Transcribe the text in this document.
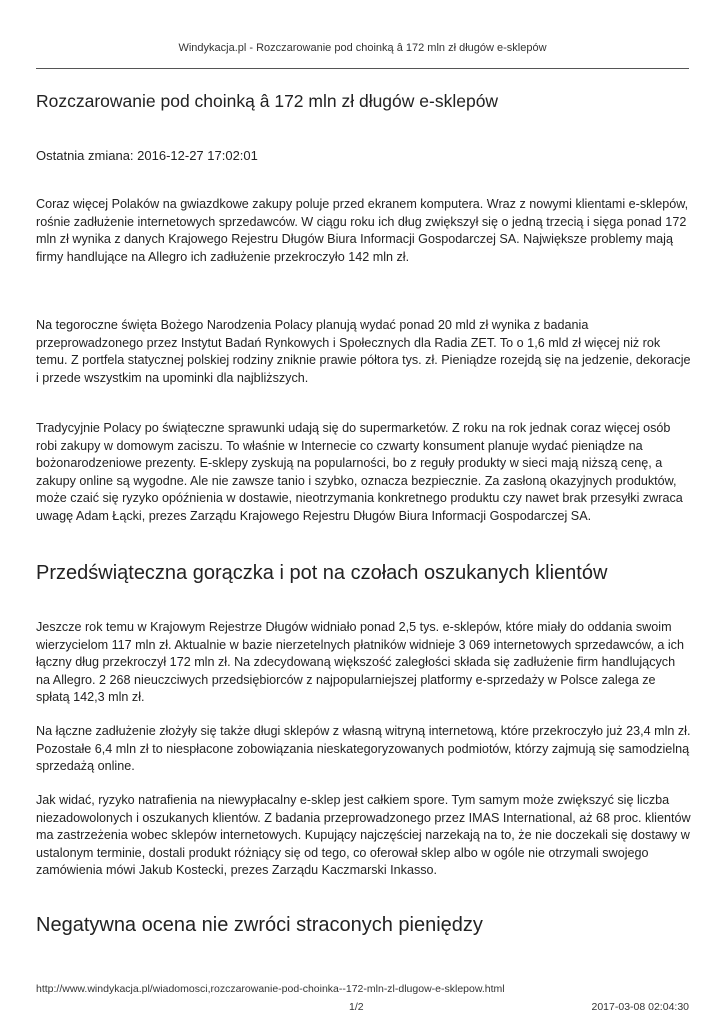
Windykacja.pl - Rozczarowanie pod choinką â 172 mln zł długów e-sklepów
Rozczarowanie pod choinką â 172 mln zł długów e-sklepów
Ostatnia zmiana: 2016-12-27 17:02:01

Coraz więcej Polaków na gwiazdkowe zakupy poluje przed ekranem komputera. Wraz z nowymi klientami e-sklepów, rośnie zadłużenie internetowych sprzedawców. W ciągu roku ich dług zwiększył się o jedną trzecią i sięga ponad 172 mln zł wynika z danych Krajowego Rejestru Długów Biura Informacji Gospodarczej SA. Największe problemy mają firmy handlujące na Allegro ich zadłużenie przekroczyło 142 mln zł.

Na tegoroczne święta Bożego Narodzenia Polacy planują wydać ponad 20 mld zł wynika z badania przeprowadzonego przez Instytut Badań Rynkowych i Społecznych dla Radia ZET. To o 1,6 mld zł więcej niż rok temu. Z portfela statycznej polskiej rodziny zniknie prawie półtora tys. zł. Pieniądze rozejdą się na jedzenie, dekoracje i przede wszystkim na upominki dla najbliższych.

Tradycyjnie Polacy po świąteczne sprawunki udają się do supermarketów. Z roku na rok jednak coraz więcej osób robi zakupy w domowym zaciszu. To właśnie w Internecie co czwarty konsument planuje wydać pieniądze na bożonarodzeniowe prezenty. E-sklepy zyskują na popularności, bo z reguły produkty w sieci mają niższą cenę, a zakupy online są wygodne. Ale nie zawsze tanio i szybko, oznacza bezpiecznie. Za zasłoną okazyjnych produktów, może czaić się ryzyko opóźnienia w dostawie, nieotrzymania konkretnego produktu czy nawet brak przesyłki zwraca uwagę Adam Łącki, prezes Zarządu Krajowego Rejestru Długów Biura Informacji Gospodarczej SA.

Przedświąteczna gorączka i pot na czołach oszukanych klientów

Jeszcze rok temu w Krajowym Rejestrze Długów widniało ponad 2,5 tys. e-sklepów, które miały do oddania swoim wierzycielom 117 mln zł. Aktualnie w bazie nierzetelnych płatników widnieje 3 069 internetowych sprzedawców, a ich łączny dług przekroczył 172 mln zł. Na zdecydowaną większość zaległości składa się zadłużenie firm handlujących na Allegro. 2 268 nieuczciwych przedsiębiorców z najpopularniejszej platformy e-sprzedaży w Polsce zalega ze spłatą 142,3 mln zł.

Na łączne zadłużenie złożyły się także długi sklepów z własną witryną internetową, które przekroczyło już 23,4 mln zł. Pozostałe 6,4 mln zł to niespłacone zobowiązania nieskategoryzowanych podmiotów, którzy zajmują się samodzielną sprzedażą online.

Jak widać, ryzyko natrafienia na niewypłacalny e-sklep jest całkiem spore. Tym samym może zwiększyć się liczba niezadowolonych i oszukanych klientów. Z badania przeprowadzonego przez IMAS International, aż 68 proc. klientów ma zastrzeżenia wobec sklepów internetowych. Kupujący najczęściej narzekają na to, że nie doczekali się dostawy w ustalonym terminie, dostali produkt różniący się od tego, co oferował sklep albo w ogóle nie otrzymali swojego zamówienia mówi Jakub Kostecki, prezes Zarządu Kaczmarski Inkasso.

Negatywna ocena nie zwróci straconych pieniędzy
http://www.windykacja.pl/wiadomosci,rozczarowanie-pod-choinka--172-mln-zl-dlugow-e-sklepow.html
1/2	2017-03-08 02:04:30
